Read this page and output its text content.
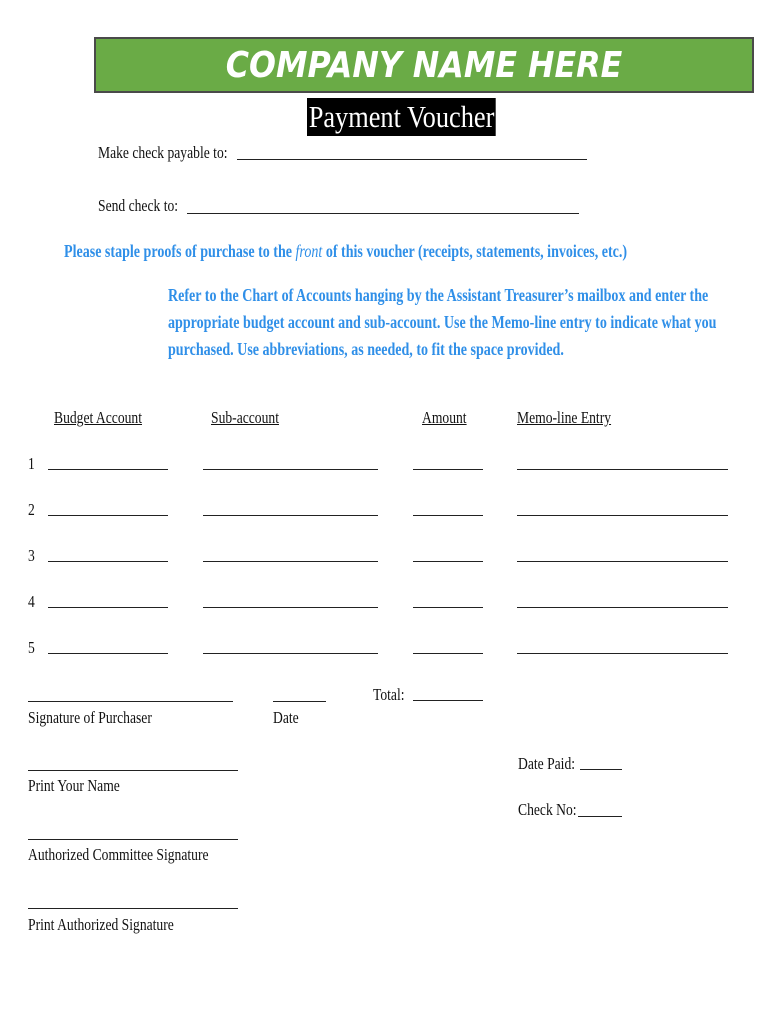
COMPANY NAME HERE
Payment Voucher
Make check payable to:
Send check to:
Please staple proofs of purchase to the front of this voucher (receipts, statements, invoices, etc.)
Refer to the Chart of Accounts hanging by the Assistant Treasurer’s mailbox and enter the
appropriate budget account and sub-account. Use the Memo-line entry to indicate what you
purchased. Use abbreviations, as needed, to fit the space provided.
Budget Account	Sub-account	Amount	Memo-line Entry
1
2
3
4
5
Total:
Signature of Purchaser	Date
Print Your Name
Authorized Committee Signature
Print Authorized Signature
Date Paid:
Check No:
